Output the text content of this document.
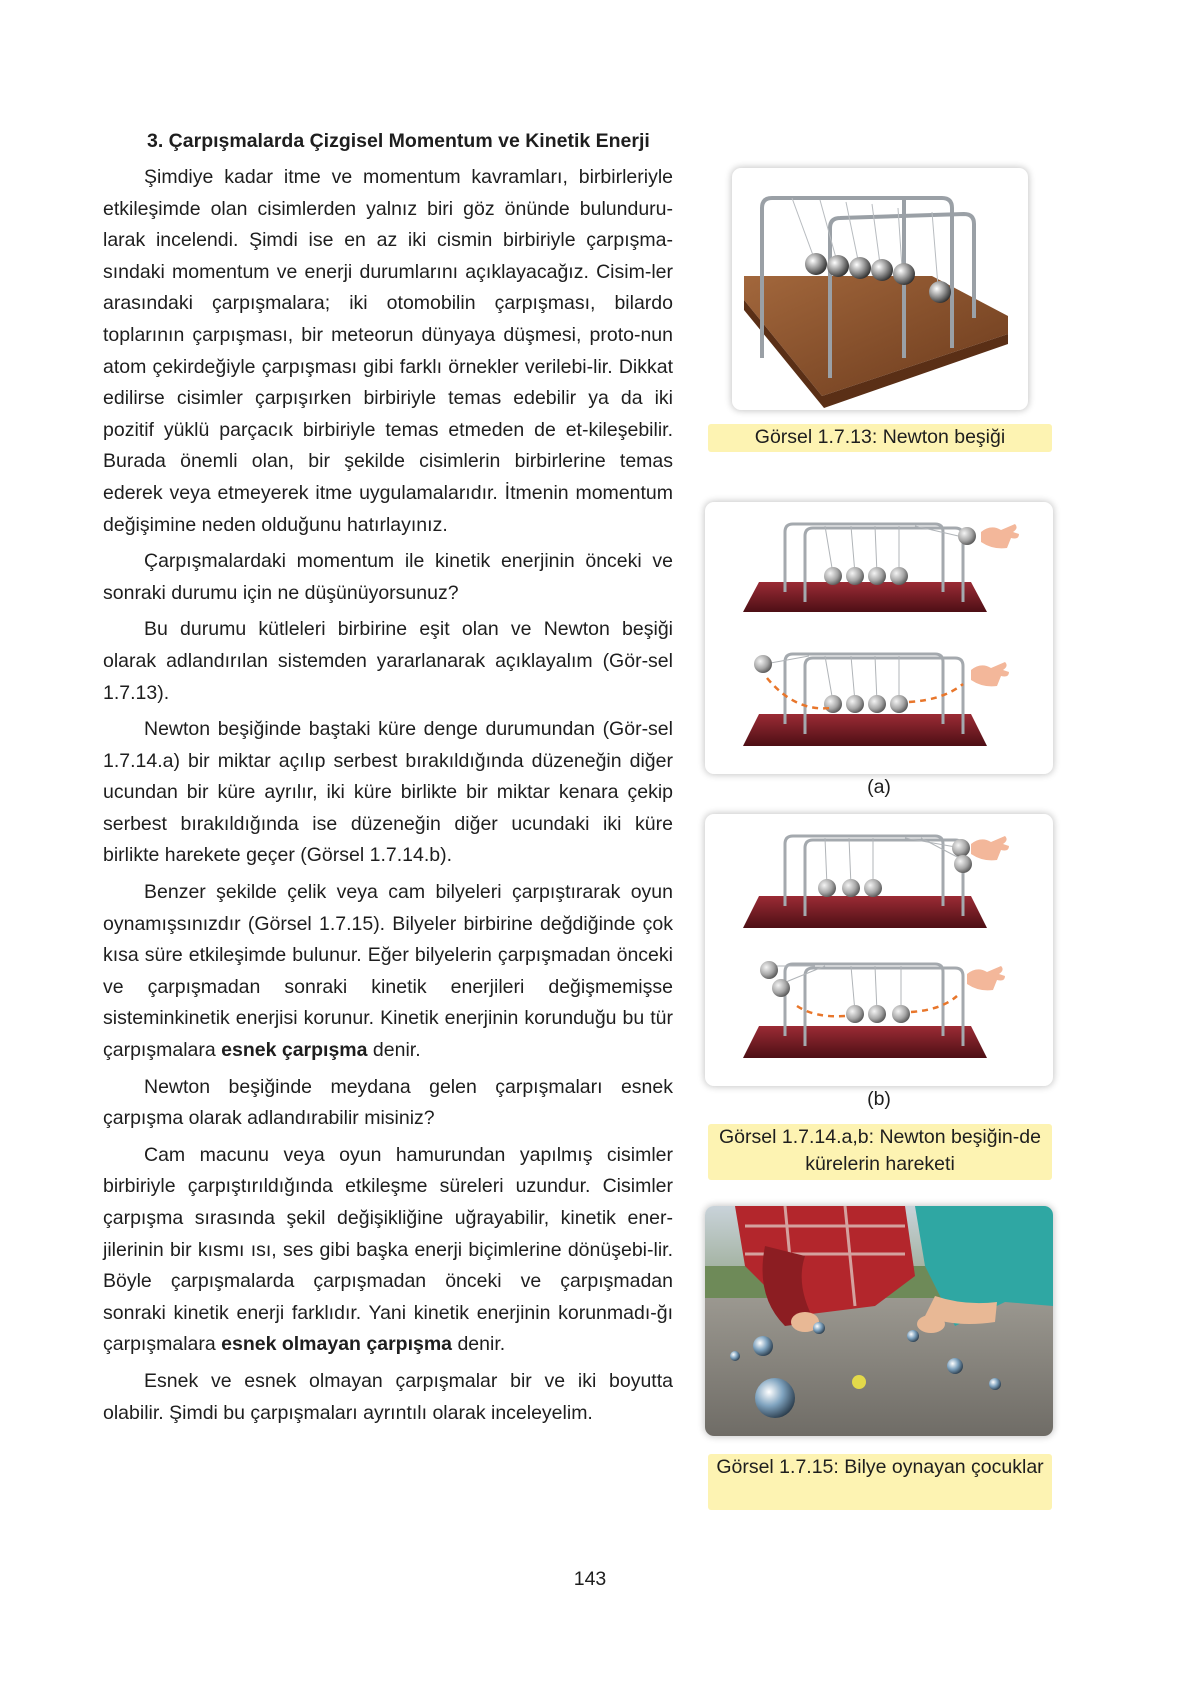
3. Çarpışmalarda Çizgisel Momentum ve Kinetik Enerji

Şimdiye kadar itme ve momentum kavramları, birbirleriyle etkileşimde olan cisimlerden yalnız biri göz önünde bulunduru-larak incelendi. Şimdi ise en az iki cismin birbiriyle çarpışma-sındaki momentum ve enerji durumlarını açıklayacağız. Cisim-ler arasındaki çarpışmalara; iki otomobilin çarpışması, bilardo toplarının çarpışması, bir meteorun dünyaya düşmesi, proto-nun atom çekirdeğiyle çarpışması gibi farklı örnekler verilebi-lir. Dikkat edilirse cisimler çarpışırken birbiriyle temas edebilir ya da iki pozitif yüklü parçacık birbiriyle temas etmeden de et-kileşebilir. Burada önemli olan, bir şekilde cisimlerin birbirlerine temas ederek veya etmeyerek itme uygulamalarıdır. İtmenin momentum değişimine neden olduğunu hatırlayınız.

Çarpışmalardaki momentum ile kinetik enerjinin önceki ve sonraki durumu için ne düşünüyorsunuz?

Bu durumu kütleleri birbirine eşit olan ve Newton beşiği olarak adlandırılan sistemden yararlanarak açıklayalım (Gör-sel 1.7.13).

Newton beşiğinde baştaki küre denge durumundan (Gör-sel 1.7.14.a) bir miktar açılıp serbest bırakıldığında düzeneğin diğer ucundan bir küre ayrılır, iki küre birlikte bir miktar kenara çekip serbest bırakıldığında ise düzeneğin diğer ucundaki iki küre birlikte harekete geçer (Görsel 1.7.14.b).

Benzer şekilde çelik veya cam bilyeleri çarpıştırarak oyun oynamışsınızdır (Görsel 1.7.15). Bilyeler birbirine değdiğinde çok kısa süre etkileşimde bulunur. Eğer bilyelerin çarpışmadan önceki ve çarpışmadan sonraki kinetik enerjileri değişmemişse sisteminkinetik enerjisi korunur. Kinetik enerjinin korunduğu bu tür çarpışmalara esnek çarpışma denir.

Newton beşiğinde meydana gelen çarpışmaları esnek çarpışma olarak adlandırabilir misiniz?

Cam macunu veya oyun hamurundan yapılmış cisimler birbiriyle çarpıştırıldığında etkileşme süreleri uzundur. Cisimler çarpışma sırasında şekil değişikliğine uğrayabilir, kinetik ener-jilerinin bir kısmı ısı, ses gibi başka enerji biçimlerine dönüşebi-lir. Böyle çarpışmalarda çarpışmadan önceki ve çarpışmadan sonraki kinetik enerji farklıdır. Yani kinetik enerjinin korunmadı-ğı çarpışmalara esnek olmayan çarpışma denir.

Esnek ve esnek olmayan çarpışmalar bir ve iki boyutta olabilir. Şimdi bu çarpışmaları ayrıntılı olarak inceleyelim.

Görsel 1.7.13: Newton beşiği
(a)
(b)
Görsel 1.7.14.a,b: Newton beşiğin-de kürelerin hareketi
Görsel 1.7.15: Bilye oynayan çocuklar
143
